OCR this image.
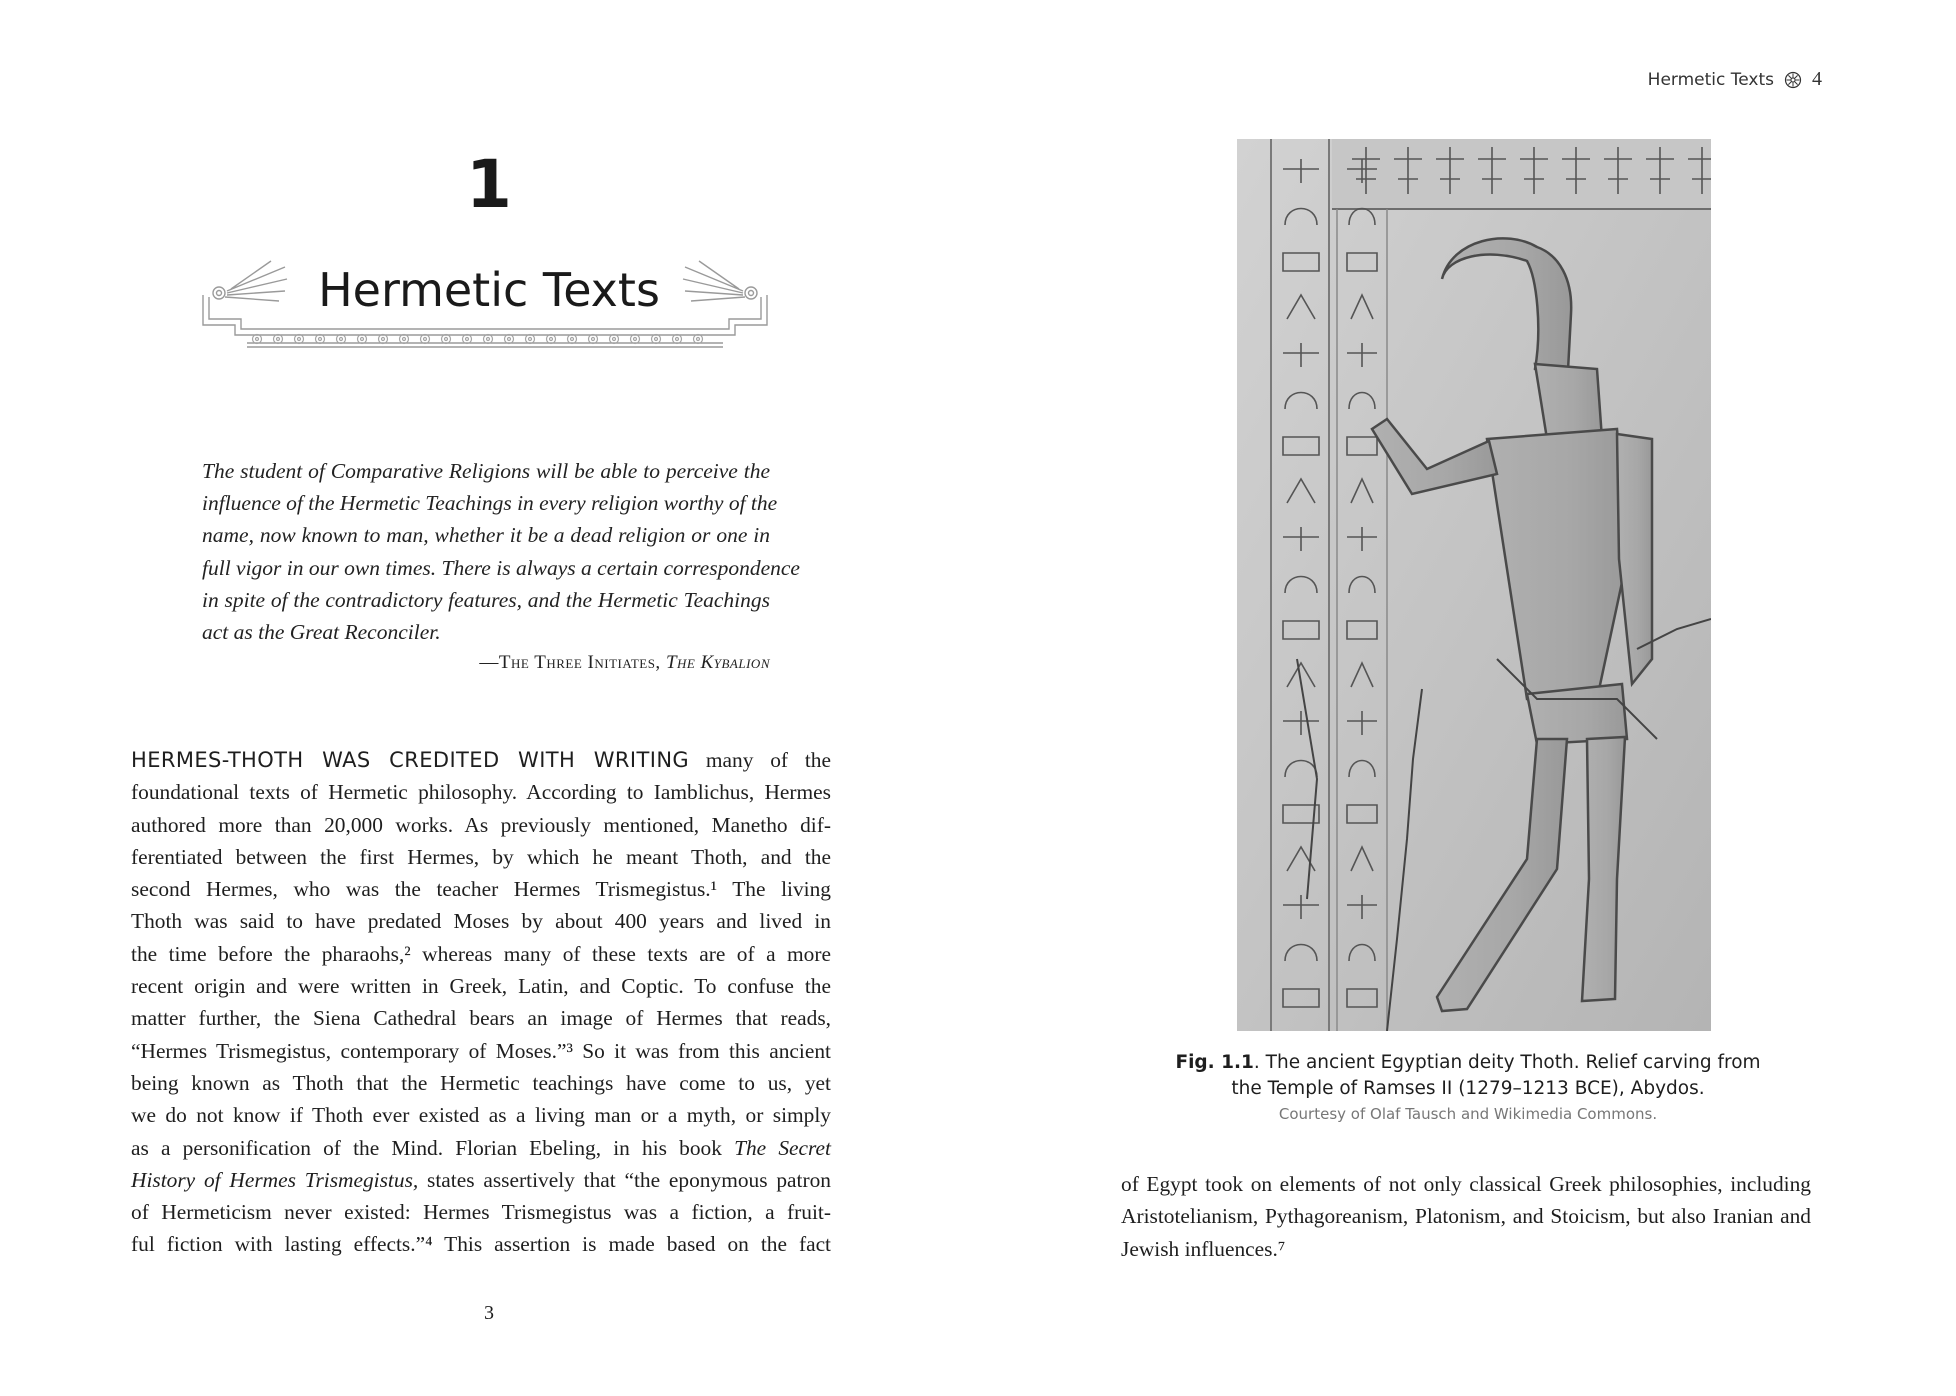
1
Hermetic Texts
The student of Comparative Religions will be able to perceive the
influence of the Hermetic Teachings in every religion worthy of the
name, now known to man, whether it be a dead religion or one in
full vigor in our own times. There is always a certain correspondence
in spite of the contradictory features, and the Hermetic Teachings
act as the Great Reconciler.
—The Three Initiates, The Kybalion
HERMES-THOTH WAS CREDITED WITH WRITING many of the
foundational texts of Hermetic philosophy. According to Iamblichus, Hermes
authored more than 20,000 works. As previously mentioned, Manetho dif-
ferentiated between the first Hermes, by which he meant Thoth, and the
second Hermes, who was the teacher Hermes Trismegistus.¹ The living
Thoth was said to have predated Moses by about 400 years and lived in
the time before the pharaohs,² whereas many of these texts are of a more
recent origin and were written in Greek, Latin, and Coptic. To confuse the
matter further, the Siena Cathedral bears an image of Hermes that reads,
“Hermes Trismegistus, contemporary of Moses.”³ So it was from this ancient
being known as Thoth that the Hermetic teachings have come to us, yet
we do not know if Thoth ever existed as a living man or a myth, or simply
as a personification of the Mind. Florian Ebeling, in his book The Secret
History of Hermes Trismegistus, states assertively that “the eponymous patron
of Hermeticism never existed: Hermes Trismegistus was a fiction, a fruit-
ful fiction with lasting effects.”⁴ This assertion is made based on the fact
3
Hermetic Texts 4
Fig. 1.1. The ancient Egyptian deity Thoth. Relief carving from
the Temple of Ramses II (1279–1213 BCE), Abydos.
Courtesy of Olaf Tausch and Wikimedia Commons.
of Egypt took on elements of not only classical Greek philosophies, including
Aristotelianism, Pythagoreanism, Platonism, and Stoicism, but also Iranian and
Jewish influences.⁷
